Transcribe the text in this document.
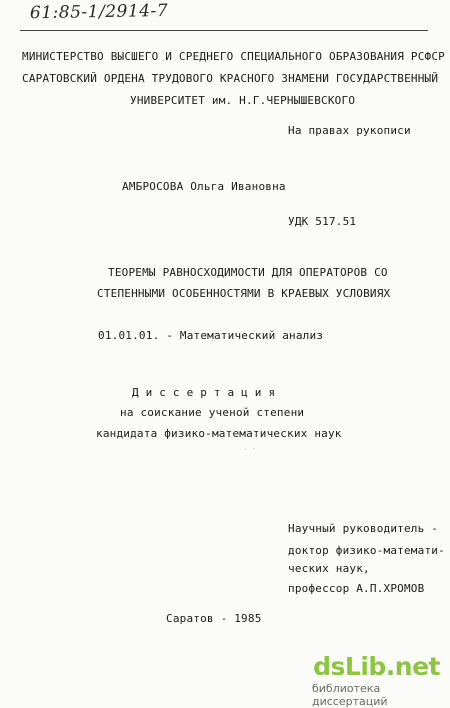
61:85-1/2914-7
МИНИСТЕРСТВО ВЫСШЕГО И СРЕДНЕГО СПЕЦИАЛЬНОГО ОБРАЗОВАНИЯ РСФСР
САРАТОВСКИЙ ОРДЕНА ТРУДОВОГО КРАСНОГО ЗНАМЕНИ ГОСУДАРСТВЕННЫЙ
УНИВЕРСИТЕТ им. Н.Г.ЧЕРНЫШЕВСКОГО
На правах рукописи
АМБРОСОВА Ольга Ивановна
УДК 517.51
ТЕОРЕМЫ РАВНОСХОДИМОСТИ ДЛЯ ОПЕРАТОРОВ СО
СТЕПЕННЫМИ ОСОБЕННОСТЯМИ В КРАЕВЫХ УСЛОВИЯХ
01.01.01. - Математический анализ
Д и с с е р т а ц и я
на соискание ученой степени
кандидата физико-математических наук
· ·
Научный руководитель -
доктор физико-математи-
ческих наук,
профессор А.П.ХРОМОВ
Саратов - 1985
dsLib.net
библиотека диссертаций
